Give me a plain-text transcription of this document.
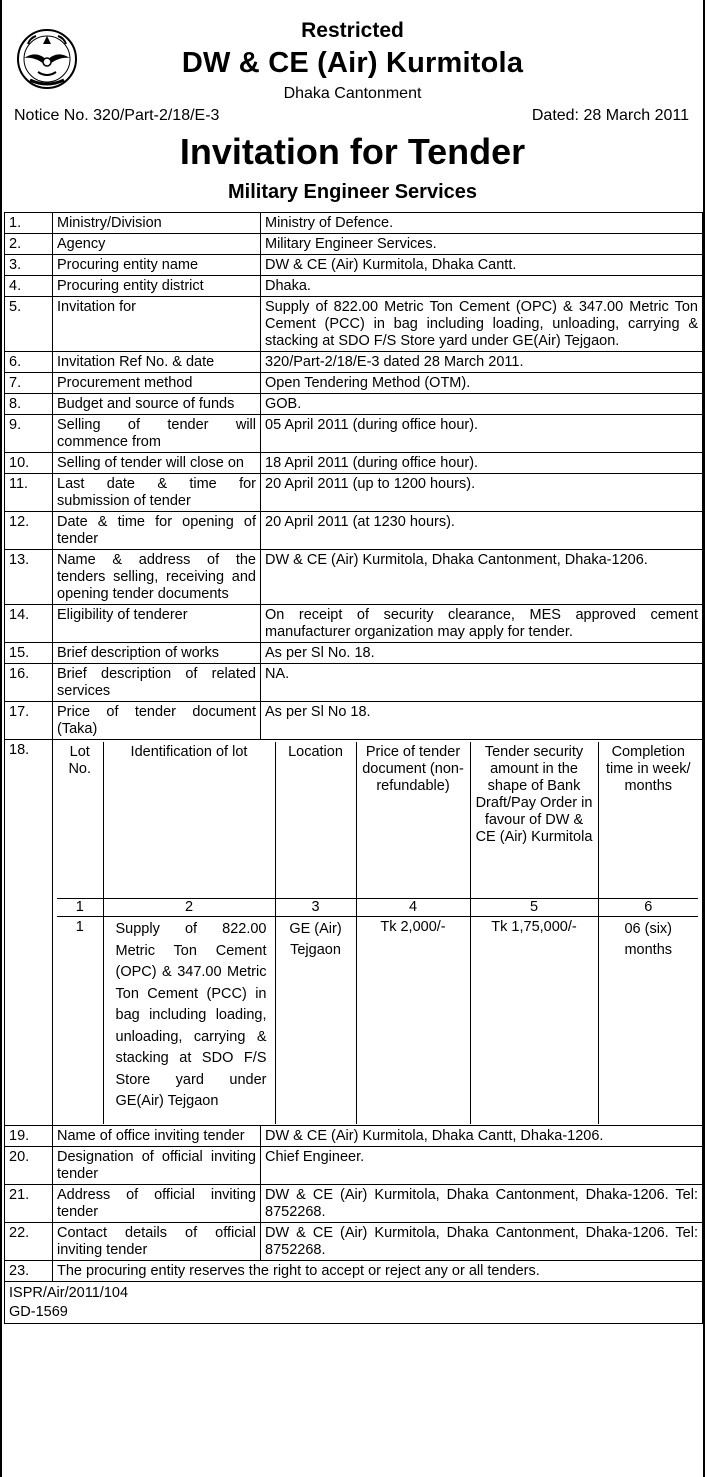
Restricted
DW & CE (Air) Kurmitola
Dhaka Cantonment
Notice No. 320/Part-2/18/E-3	Dated: 28 March 2011
Invitation for Tender
Military Engineer Services
1.	Ministry/Division	Ministry of Defence.
2.	Agency	Military Engineer Services.
3.	Procuring entity name	DW & CE (Air) Kurmitola, Dhaka Cantt.
4.	Procuring entity district	Dhaka.
5.	Invitation for	Supply of 822.00 Metric Ton Cement (OPC) & 347.00 Metric Ton Cement (PCC) in bag including loading, unloading, carrying & stacking at SDO F/S Store yard under GE(Air) Tejgaon.
6.	Invitation Ref No. & date	320/Part-2/18/E-3 dated 28 March 2011.
7.	Procurement method	Open Tendering Method (OTM).
8.	Budget and source of funds	GOB.
9.	Selling of tender will commence from	05 April 2011 (during office hour).
10.	Selling of tender will close on	18 April 2011 (during office hour).
11.	Last date & time for submission of tender	20 April 2011 (up to 1200 hours).
12.	Date & time for opening of tender	20 April 2011 (at 1230 hours).
13.	Name & address of the tenders selling, receiving and opening tender documents	DW & CE (Air) Kurmitola, Dhaka Cantonment, Dhaka-1206.
14.	Eligibility of tenderer	On receipt of security clearance, MES approved cement manufacturer organization may apply for tender.
15.	Brief description of works	As per Sl No. 18.
16.	Brief description of related services	NA.
17.	Price of tender document (Taka)	As per Sl No 18.
18.		Lot No.	Identification of lot	Location	Price of tender document (non-refundable)	Tender security amount in the shape of Bank Draft/Pay Order in favour of DW & CE (Air) Kurmitola	Completion time in week/ months
1	2	3	4	5	6
1	Supply of 822.00 Metric Ton Cement (OPC) & 347.00 Metric Ton Cement (PCC) in bag including loading, unloading, carrying & stacking at SDO F/S Store yard under GE(Air) Tejgaon	GE (Air) Tejgaon	Tk 2,000/-	Tk 1,75,000/-	06 (six) months

19.	Name of office inviting tender	DW & CE (Air) Kurmitola, Dhaka Cantt, Dhaka-1206.
20.	Designation of official inviting tender	Chief Engineer.
21.	Address of official inviting tender	DW & CE (Air) Kurmitola, Dhaka Cantonment, Dhaka-1206. Tel: 8752268.
22.	Contact details of official inviting tender	DW & CE (Air) Kurmitola, Dhaka Cantonment, Dhaka-1206. Tel: 8752268.
23.	The procuring entity reserves the right to accept or reject any or all tenders.

ISPR/Air/2011/104
GD-1569
